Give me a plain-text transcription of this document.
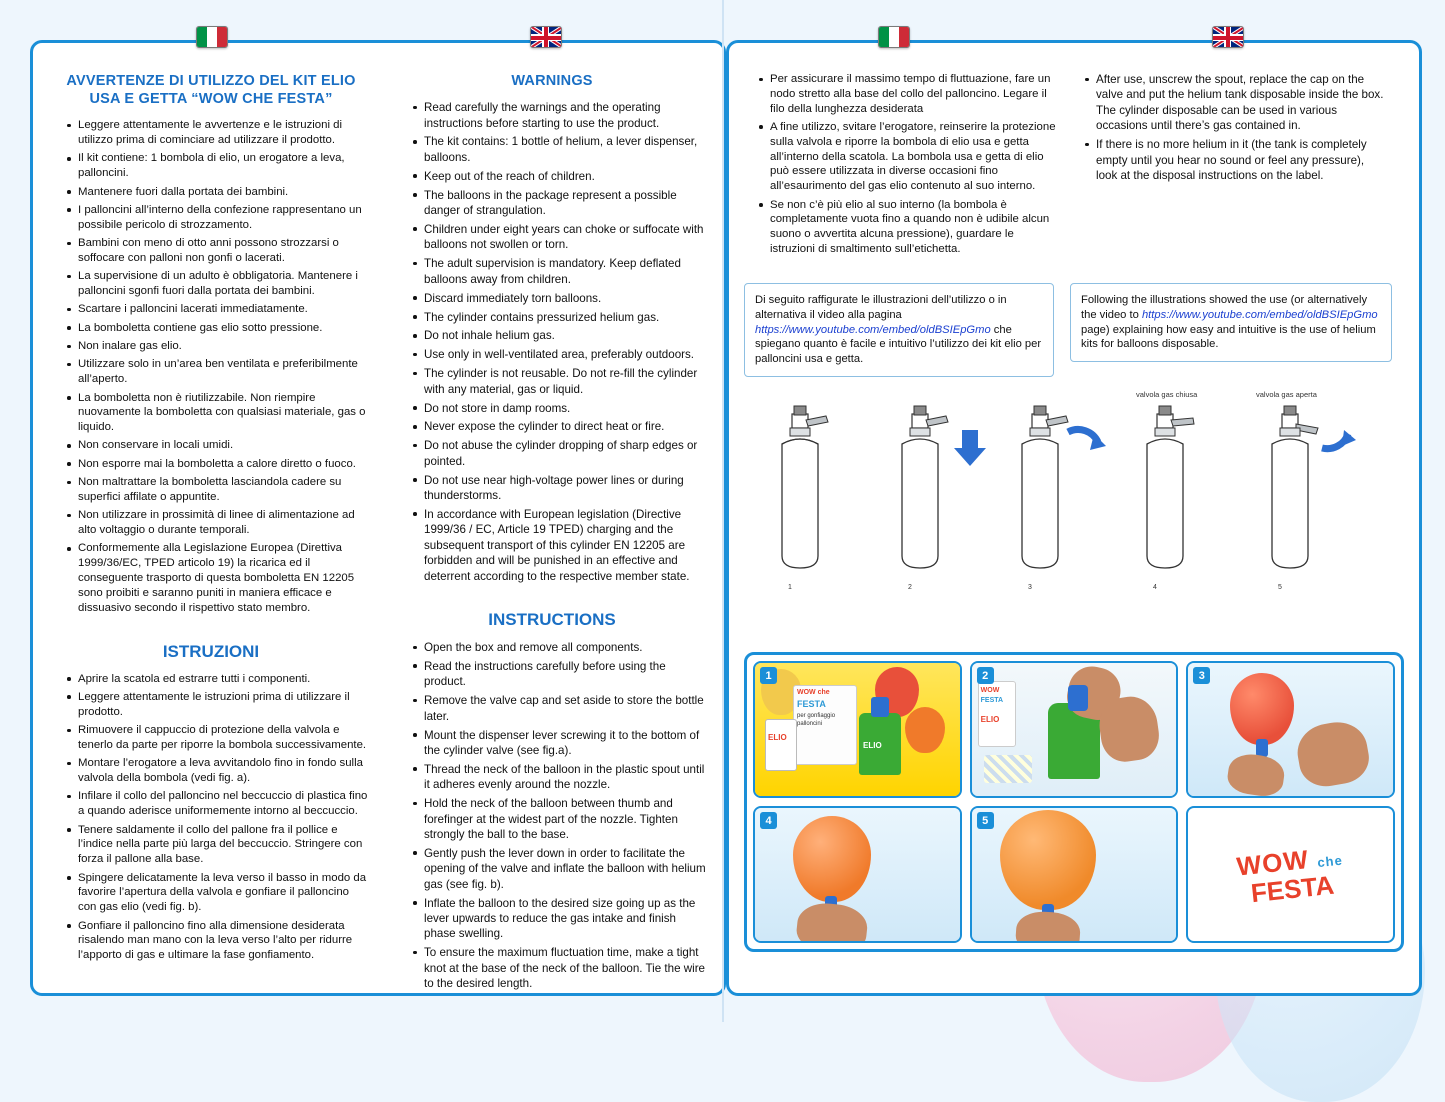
AVVERTENZE DI UTILIZZO DEL KIT ELIO USA E GETTA “WOW CHE FESTA”
Leggere attentamente le avvertenze e le istruzioni di utilizzo prima di cominciare ad utilizzare il prodotto.
Il kit contiene: 1 bombola di elio, un erogatore a leva, palloncini.
Mantenere fuori dalla portata dei bambini.
I palloncini all’interno della confezione rappresentano un possibile pericolo di strozzamento.
Bambini con meno di otto anni possono strozzarsi o soffocare con palloni non gonfi o lacerati.
La supervisione di un adulto è obbligatoria. Mantenere i palloncini sgonfi fuori dalla portata dei bambini.
Scartare i palloncini lacerati immediatamente.
La bomboletta contiene gas elio sotto pressione.
Non inalare gas elio.
Utilizzare solo in un’area ben ventilata e preferibilmente all’aperto.
La bomboletta non è riutilizzabile. Non riempire nuovamente la bomboletta con qualsiasi materiale, gas o liquido.
Non conservare in locali umidi.
Non esporre mai la bomboletta a calore diretto o fuoco.
Non maltrattare la bomboletta lasciandola cadere su superfici affilate o appuntite.
Non utilizzare in prossimità di linee di alimentazione ad alto voltaggio o durante temporali.
Conformemente alla Legislazione Europea (Direttiva 1999/36/EC, TPED articolo 19) la ricarica ed il conseguente trasporto di questa bomboletta EN 12205 sono proibiti e saranno puniti in maniera efficace e dissuasivo secondo il rispettivo stato membro.
ISTRUZIONI
Aprire la scatola ed estrarre tutti i componenti.
Leggere attentamente le istruzioni prima di utilizzare il prodotto.
Rimuovere il cappuccio di protezione della valvola e tenerlo da parte per riporre la bombola successivamente.
Montare l’erogatore a leva avvitandolo fino in fondo sulla valvola della bombola (vedi fig. a).
Infilare il collo del palloncino nel beccuccio di plastica fino a quando aderisce uniformemente intorno al beccuccio.
Tenere saldamente il collo del pallone fra il pollice e l’indice nella parte più larga del beccuccio. Stringere con forza il pallone alla base.
Spingere delicatamente la leva verso il basso in modo da favorire l’apertura della valvola e gonfiare il palloncino con gas elio (vedi fig. b).
Gonfiare il palloncino fino alla dimensione desiderata risalendo man mano con la leva verso l’alto per ridurre l’apporto di gas e ultimare la fase gonfiamento.
WARNINGS
Read carefully the warnings and the operating instructions before starting to use the product.
The kit contains: 1 bottle of helium, a lever dispenser, balloons.
Keep out of the reach of children.
The balloons in the package represent a possible danger of strangulation.
Children under eight years can choke or suffocate with balloons not swollen or torn.
The adult supervision is mandatory. Keep deflated balloons away from children.
Discard immediately torn balloons.
The cylinder contains pressurized helium gas.
Do not inhale helium gas.
Use only in well-ventilated area, preferably outdoors.
The cylinder is not reusable. Do not re-fill the cylinder with any material, gas or liquid.
Do not store in damp rooms.
Never expose the cylinder to direct heat or fire.
Do not abuse the cylinder dropping of sharp edges or pointed.
Do not use near high-voltage power lines or during thunderstorms.
In accordance with European legislation (Directive 1999/36 / EC, Article 19 TPED) charging and the subsequent transport of this cylinder EN 12205 are forbidden and will be punished in an effective and deterrent according to the respective member state.
INSTRUCTIONS
Open the box and remove all components.
Read the instructions carefully before using the product.
Remove the valve cap and set aside to store the bottle later.
Mount the dispenser lever screwing it to the bottom of the cylinder valve (see fig.a).
Thread the neck of the balloon in the plastic spout until it adheres evenly around the nozzle.
Hold the neck of the balloon between thumb and forefinger at the widest part of the nozzle. Tighten strongly the ball to the base.
Gently push the lever down in order to facilitate the opening of the valve and inflate the balloon with helium gas (see fig. b).
Inflate the balloon to the desired size going up as the lever upwards to reduce the gas intake and finish phase swelling.
To ensure the maximum fluctuation time, make a tight knot at the base of the neck of the balloon. Tie the wire to the desired length.
Per assicurare il massimo tempo di fluttuazione, fare un nodo stretto alla base del collo del palloncino. Legare il filo della lunghezza desiderata
A fine utilizzo, svitare l’erogatore, reinserire la protezione sulla valvola e riporre la bombola di elio usa e getta all’interno della scatola. La bombola usa e getta di elio può essere utilizzata in diverse occasioni fino all’esaurimento del gas elio contenuto al suo interno.
Se non c’è più elio al suo interno (la bombola è completamente vuota fino a quando non è udibile alcun suono o avvertita alcuna pressione), guardare le istruzioni di smaltimento sull’etichetta.
After use, unscrew the spout, replace the cap on the valve and put the helium tank disposable inside the box. The cylinder disposable can be used in various occasions until there’s gas contained in.
If there is no more helium in it (the tank is completely empty until you hear no sound or feel any pressure), look at the disposal instructions on the label.
Di seguito raffigurate le illustrazioni dell’utilizzo o in alternativa il video alla pagina https://www.youtube.com/embed/oldBSIEpGmo che spiegano quanto è facile e intuitivo l’utilizzo dei kit elio per palloncini usa e getta.
Following the illustrations showed the use (or alternatively the video to https://www.youtube.com/embed/oldBSIEpGmo page) explaining how easy and intuitive is the use of helium kits for balloons disposable.
valvola gas chiusa	valvola gas aperta
1	2	3	4	5
1
WOW che
FESTA
per gonfiaggio
palloncini
ELIO
ELIO
2
WOW
FESTA
ELIO
3
4	5
WOW che
FESTA
